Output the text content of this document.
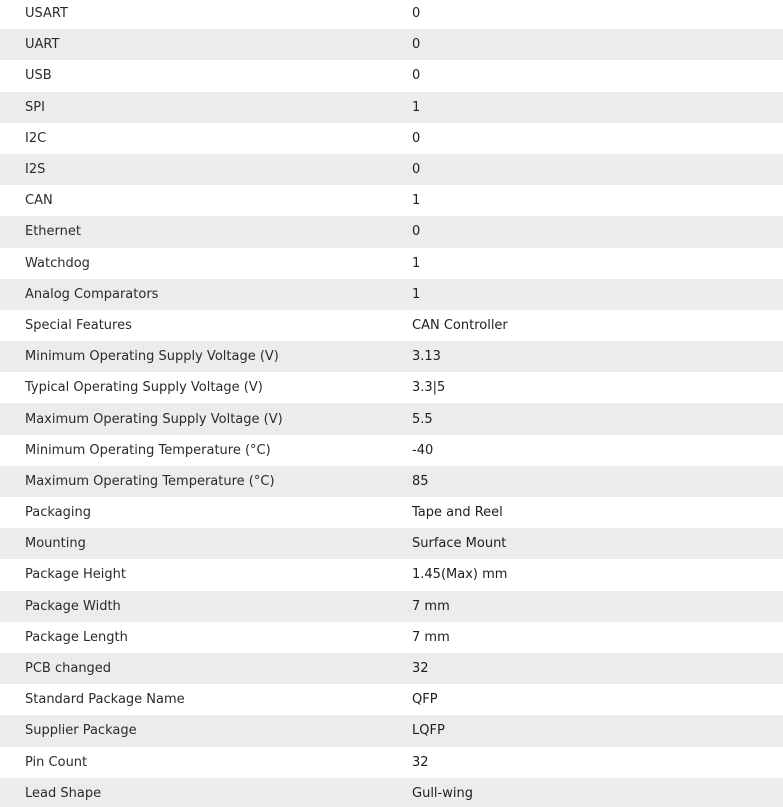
USART	0
UART	0
USB	0
SPI	1
I2C	0
I2S	0
CAN	1
Ethernet	0
Watchdog	1
Analog Comparators	1
Special Features	CAN Controller
Minimum Operating Supply Voltage (V)	3.13
Typical Operating Supply Voltage (V)	3.3|5
Maximum Operating Supply Voltage (V)	5.5
Minimum Operating Temperature (°C)	-40
Maximum Operating Temperature (°C)	85
Packaging	Tape and Reel
Mounting	Surface Mount
Package Height	1.45(Max) mm
Package Width	7 mm
Package Length	7 mm
PCB changed	32
Standard Package Name	QFP
Supplier Package	LQFP
Pin Count	32
Lead Shape	Gull-wing
